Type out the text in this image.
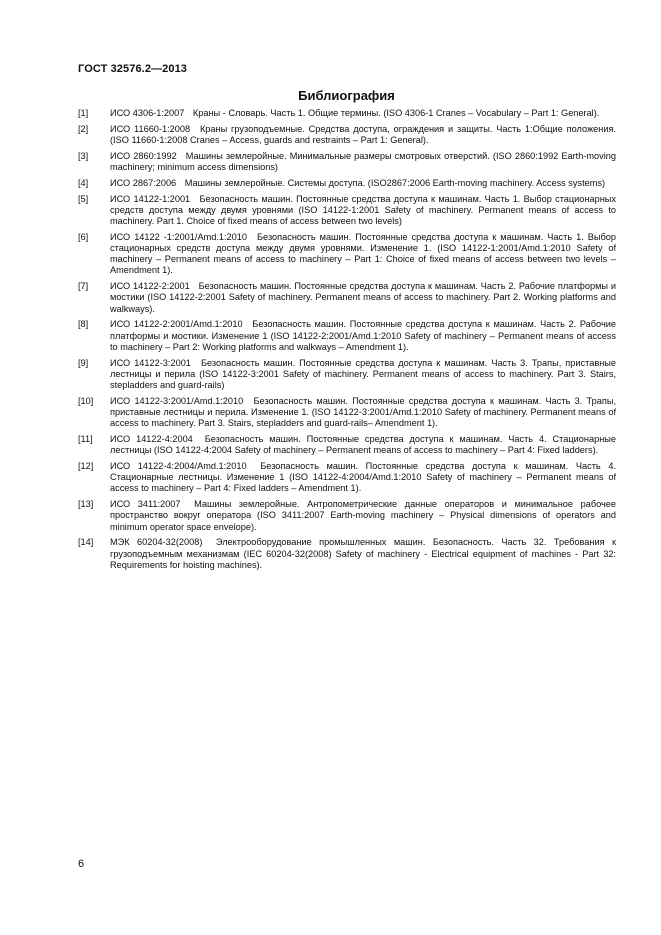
ГОСТ 32576.2—2013
Библиография
[1]	ИСО 4306-1:2007 Краны - Словарь. Часть 1. Общие термины. (ISO 4306-1 Cranes – Vocabulary – Part 1: General).
[2]	ИСО 11660-1:2008 Краны грузоподъемные. Средства доступа, ограждения и защиты. Часть 1:Общие положения. (ISO 11660-1:2008 Cranes – Access, guards and restraints – Part 1: General).
[3]	ИСО 2860:1992 Машины землеройные. Минимальные размеры смотровых отверстий. (ISO 2860:1992 Earth-moving machinery; minimum access dimensions)
[4]	ИСО 2867:2006 Машины землеройные. Системы доступа. (ISO2867:2006 Earth-moving machinery. Access systems)
[5]	ИСО 14122-1:2001 Безопасность машин. Постоянные средства доступа к машинам. Часть 1. Выбор стационарных средств доступа между двумя уровнями (ISO 14122-1:2001 Safety of machinery. Permanent means of access to machinery. Part 1. Choice of fixed means of access between two levels)
[6]	ИСО 14122 -1:2001/Amd.1:2010 Безопасность машин. Постоянные средства доступа к машинам. Часть 1. Выбор стационарных средств доступа между двумя уровнями. Изменение 1. (ISO 14122-1:2001/Amd.1:2010 Safety of machinery – Permanent means of access to machinery – Part 1: Choice of fixed means of access between two levels – Amendment 1).
[7]	ИСО 14122-2:2001 Безопасность машин. Постоянные средства доступа к машинам. Часть 2. Рабочие платформы и мостики (ISO 14122-2:2001 Safety of machinery. Permanent means of access to machinery. Part 2. Working platforms and walkways).
[8]	ИСО 14122-2:2001/Amd.1:2010 Безопасность машин. Постоянные средства доступа к машинам. Часть 2. Рабочие платформы и мостики. Изменение 1 (ISO 14122-2:2001/Amd.1:2010 Safety of machinery – Permanent means of access to machinery – Part 2: Working platforms and walkways – Amendment 1).
[9]	ИСО 14122-3:2001 Безопасность машин. Постоянные средства доступа к машинам. Часть 3. Трапы, приставные лестницы и перила (ISO 14122-3:2001 Safety of machinery. Permanent means of access to machinery. Part 3. Stairs, stepladders and guard-rails)
[10]	ИСО 14122-3:2001/Amd.1:2010 Безопасность машин. Постоянные средства доступа к машинам. Часть 3. Трапы, приставные лестницы и перила. Изменение 1. (ISO 14122-3:2001/Amd.1:2010 Safety of machinery. Permanent means of access to machinery. Part 3. Stairs, stepladders and guard-rails– Amendment 1).
[11]	ИСО 14122-4:2004 Безопасность машин. Постоянные средства доступа к машинам. Часть 4. Стационарные лестницы (ISO 14122-4:2004 Safety of machinery – Permanent means of access to machinery – Part 4: Fixed ladders).
[12]	ИСО 14122-4:2004/Amd.1:2010 Безопасность машин. Постоянные средства доступа к машинам. Часть 4. Стационарные лестницы. Изменение 1 (ISO 14122-4:2004/Amd.1:2010 Safety of machinery – Permanent means of access to machinery – Part 4: Fixed ladders – Amendment 1).
[13]	ИСО 3411:2007 Машины землеройные. Антропометрические данные операторов и минимальное рабочее пространство вокруг оператора (ISO 3411:2007 Earth-moving machinery – Physical dimensions of operators and minimum operator space envelope).
[14]	МЭК 60204-32(2008) Электрооборудование промышленных машин. Безопасность. Часть 32. Требования к грузоподъемным механизмам (IEC 60204-32(2008) Safety of machinery - Electrical equipment of machines - Part 32: Requirements for hoisting machines).
6
